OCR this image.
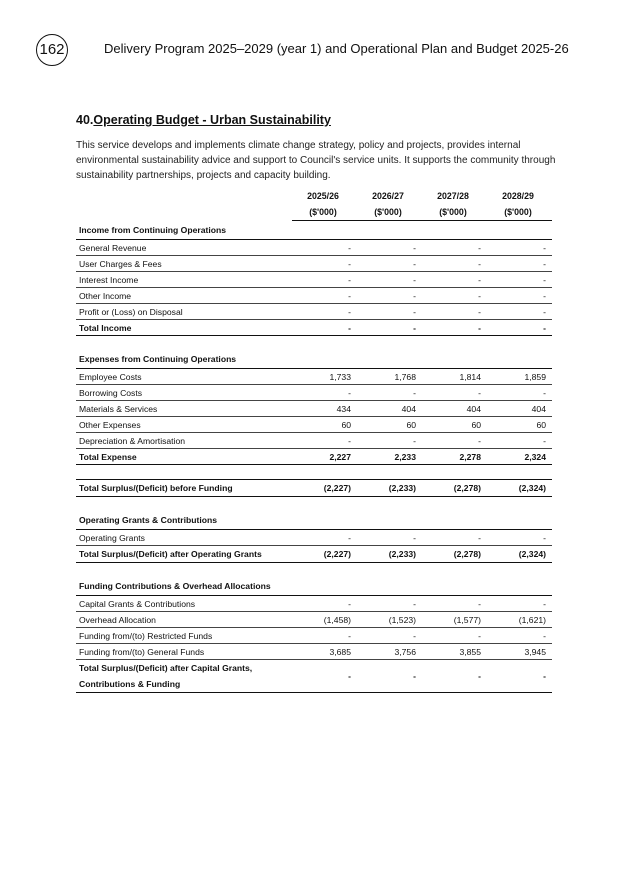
162	Delivery Program 2025–2029 (year 1) and Operational Plan and Budget 2025-26
40.Operating Budget - Urban Sustainability
This service develops and implements climate change strategy, policy and projects, provides internal environmental sustainability advice and support to Council's service units. It supports the community through sustainability partnerships, projects and capacity building.
	2025/26	2026/27	2027/28	2028/29
	($'000)	($'000)	($'000)	($'000)
Income from Continuing Operations				
General Revenue	-	-	-	-
User Charges & Fees	-	-	-	-
Interest Income	-	-	-	-
Other Income	-	-	-	-
Profit or (Loss) on Disposal	-	-	-	-
Total Income	-	-	-	-

Expenses from Continuing Operations				
Employee Costs	1,733	1,768	1,814	1,859
Borrowing Costs	-	-	-	-
Materials & Services	434	404	404	404
Other Expenses	60	60	60	60
Depreciation & Amortisation	-	-	-	-
Total Expense	2,227	2,233	2,278	2,324

Total Surplus/(Deficit) before Funding	(2,227)	(2,233)	(2,278)	(2,324)

Operating Grants & Contributions				
Operating Grants	-	-	-	-
Total Surplus/(Deficit) after Operating Grants	(2,227)	(2,233)	(2,278)	(2,324)

Funding Contributions & Overhead Allocations				
Capital Grants & Contributions	-	-	-	-
Overhead Allocation	(1,458)	(1,523)	(1,577)	(1,621)
Funding from/(to) Restricted Funds	-	-	-	-
Funding from/(to) General Funds	3,685	3,756	3,855	3,945

Total Surplus/(Deficit) after Capital Grants,
Contributions & Funding	-	-	-	-
